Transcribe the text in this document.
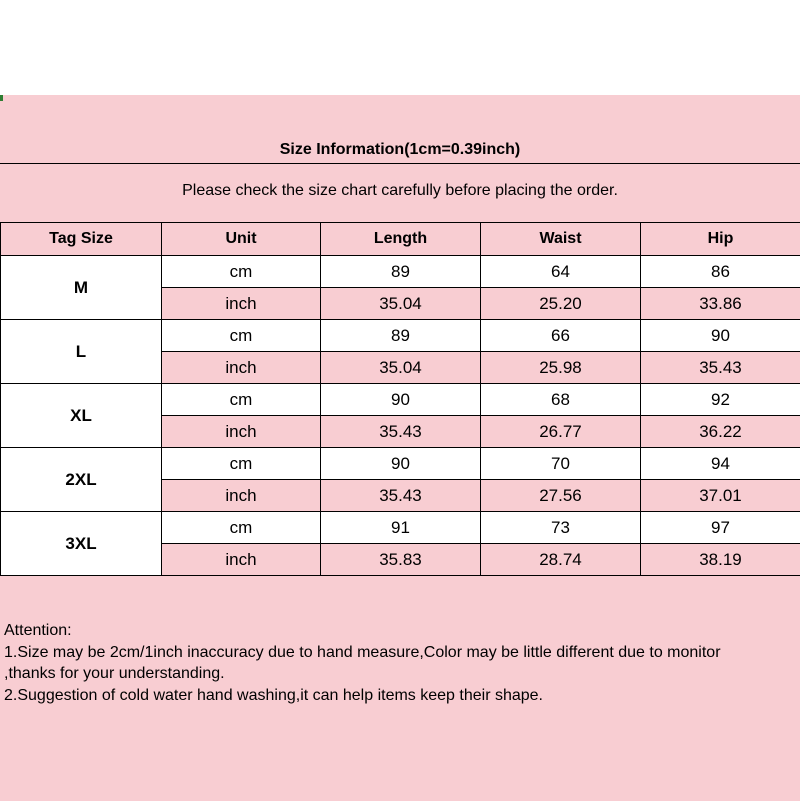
Size Information(1cm=0.39inch)
Please check the size chart carefully before placing the order.
Tag Size	Unit	Length	Waist	Hip
M	cm	89	64	86
	inch	35.04	25.20	33.86
L	cm	89	66	90
	inch	35.04	25.98	35.43
XL	cm	90	68	92
	inch	35.43	26.77	36.22
2XL	cm	90	70	94
	inch	35.43	27.56	37.01
3XL	cm	91	73	97
	inch	35.83	28.74	38.19
Attention:
1.Size may be 2cm/1inch inaccuracy due to hand measure,Color may be little different due to monitor
,thanks for your understanding.
2.Suggestion of cold water hand washing,it can help items keep their shape.
